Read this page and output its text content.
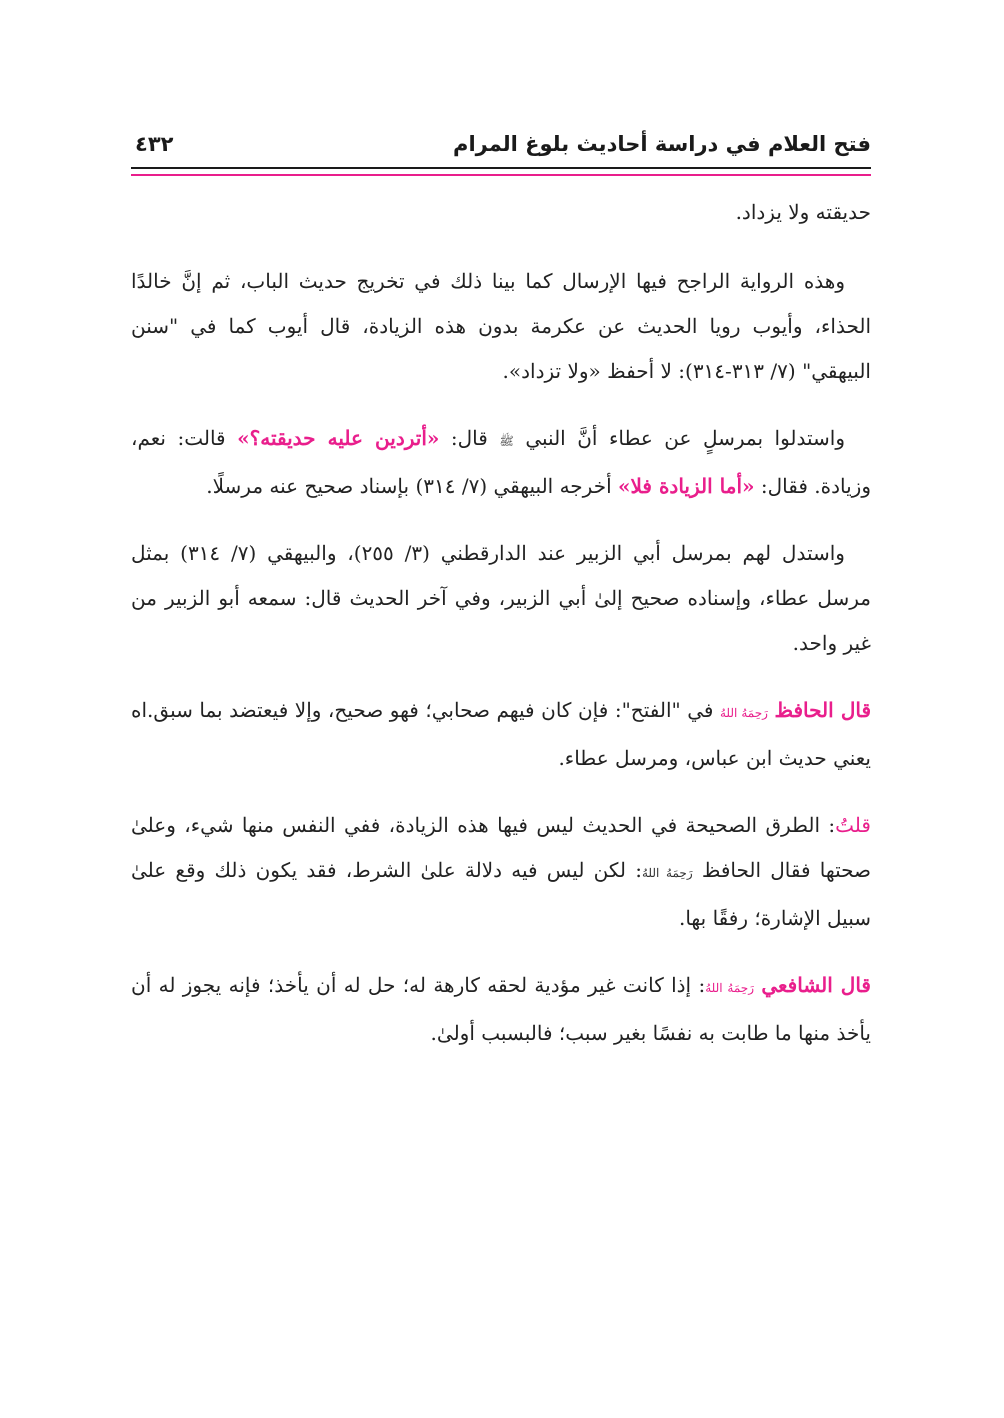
فتح العلام في دراسة أحاديث بلوغ المرام
٤٣٢

حديقته ولا يزداد.

وهذه الرواية الراجح فيها الإرسال كما بينا ذلك في تخريج حديث الباب، ثم إنَّ خالدًا الحذاء، وأيوب رويا الحديث عن عكرمة بدون هذه الزيادة، قال أيوب كما في "سنن البيهقي" (٧/ ٣١٣-٣١٤): لا أحفظ «ولا تزداد».

واستدلوا بمرسلٍ عن عطاء أنَّ النبي ﷺ قال: «أتردين عليه حديقته؟» قالت: نعم، وزيادة. فقال: «أما الزيادة فلا» أخرجه البيهقي (٧/ ٣١٤) بإسناد صحيح عنه مرسلًا.

واستدل لهم بمرسل أبي الزبير عند الدارقطني (٣/ ٢٥٥)، والبيهقي (٧/ ٣١٤) بمثل مرسل عطاء، وإسناده صحيح إلىٰ أبي الزبير، وفي آخر الحديث قال: سمعه أبو الزبير من غير واحد.

قال الحافظ رَحِمَهُ اللهُ في "الفتح": فإن كان فيهم صحابي؛ فهو صحيح، وإلا فيعتضد بما سبق.اه يعني حديث ابن عباس، ومرسل عطاء.

قلتُ: الطرق الصحيحة في الحديث ليس فيها هذه الزيادة، ففي النفس منها شيء، وعلىٰ صحتها فقال الحافظ رَحِمَهُ اللهُ: لكن ليس فيه دلالة علىٰ الشرط، فقد يكون ذلك وقع علىٰ سبيل الإشارة؛ رفقًا بها.

قال الشافعي رَحِمَهُ اللهُ: إذا كانت غير مؤدية لحقه كارهة له؛ حل له أن يأخذ؛ فإنه يجوز له أن يأخذ منها ما طابت به نفسًا بغير سبب؛ فالبسبب أولىٰ.
